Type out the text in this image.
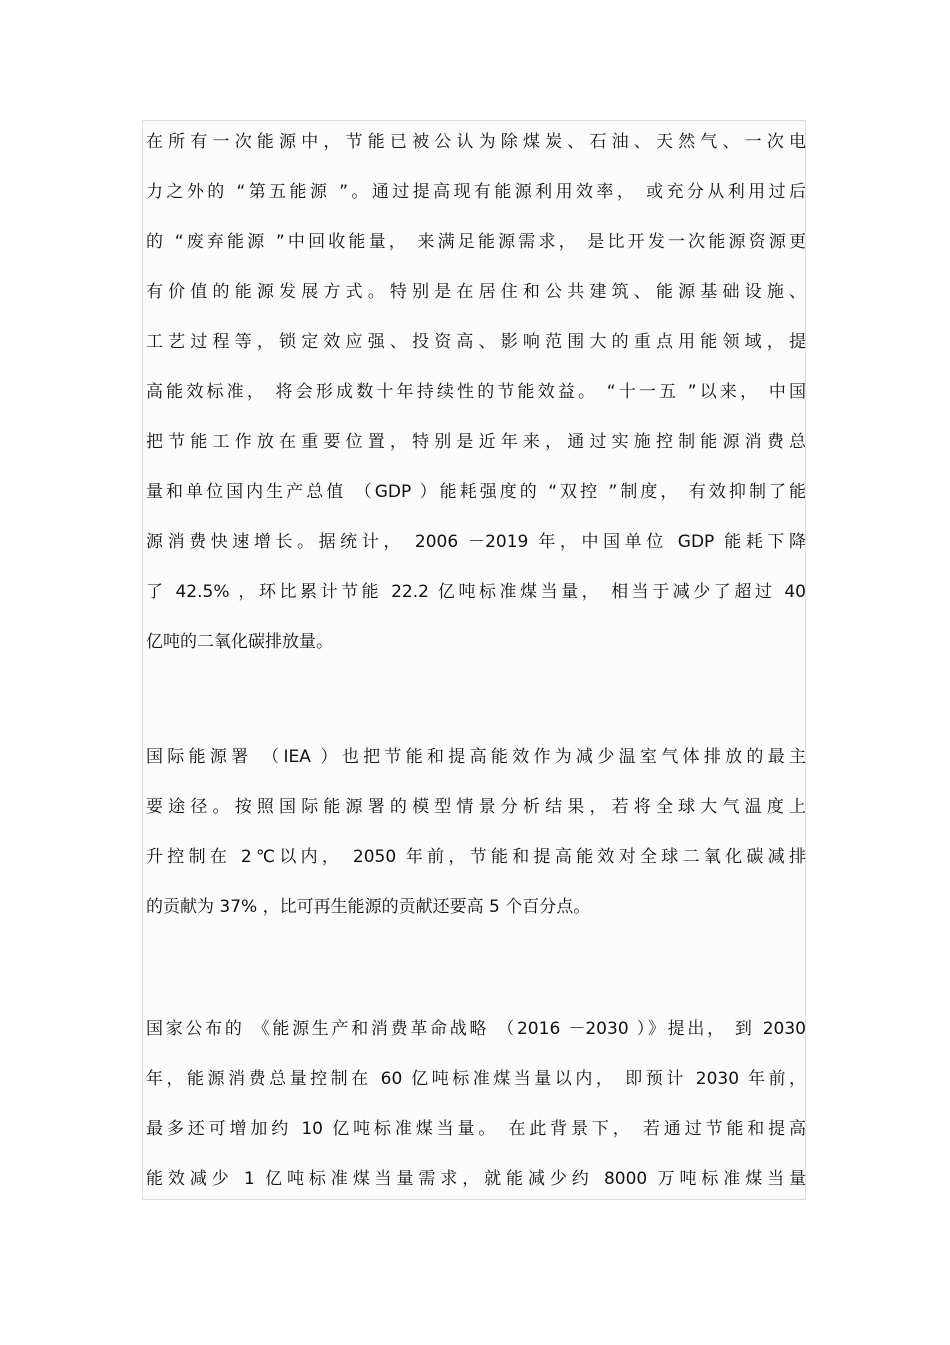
在所有一次能源中，节能已被公认为除煤炭、石油、天然气、一次电
力之外的 “第五能源 ”。通过提高现有能源利用效率， 或充分从利用过后
的 “废弃能源 ”中回收能量， 来满足能源需求， 是比开发一次能源资源更
有价值的能源发展方式。特别是在居住和公共建筑、能源基础设施、
工艺过程等，锁定效应强、投资高、影响范围大的重点用能领域，提
高能效标准， 将会形成数十年持续性的节能效益。 “十一五 ”以来， 中国
把节能工作放在重要位置，特别是近年来，通过实施控制能源消费总
量和单位国内生产总值 （GDP ）能耗强度的 “双控 ”制度， 有效抑制了能
源消费快速增长。据统计， 2006 －2019 年，中国单位 GDP 能耗下降
了 42.5% ，环比累计节能 22.2 亿吨标准煤当量， 相当于减少了超过 40
亿吨的二氧化碳排放量。
国际能源署 （IEA ）也把节能和提高能效作为减少温室气体排放的最主
要途径。按照国际能源署的模型情景分析结果，若将全球大气温度上
升控制在 2℃以内， 2050 年前，节能和提高能效对全球二氧化碳减排
的贡献为 37% ，比可再生能源的贡献还要高 5 个百分点。
国家公布的 《能源生产和消费革命战略 （2016 －2030 ）》提出， 到 2030
年，能源消费总量控制在 60 亿吨标准煤当量以内， 即预计 2030 年前，
最多还可增加约 10 亿吨标准煤当量。 在此背景下， 若通过节能和提高
能效减少 1 亿吨标准煤当量需求，就能减少约 8000 万吨标准煤当量
